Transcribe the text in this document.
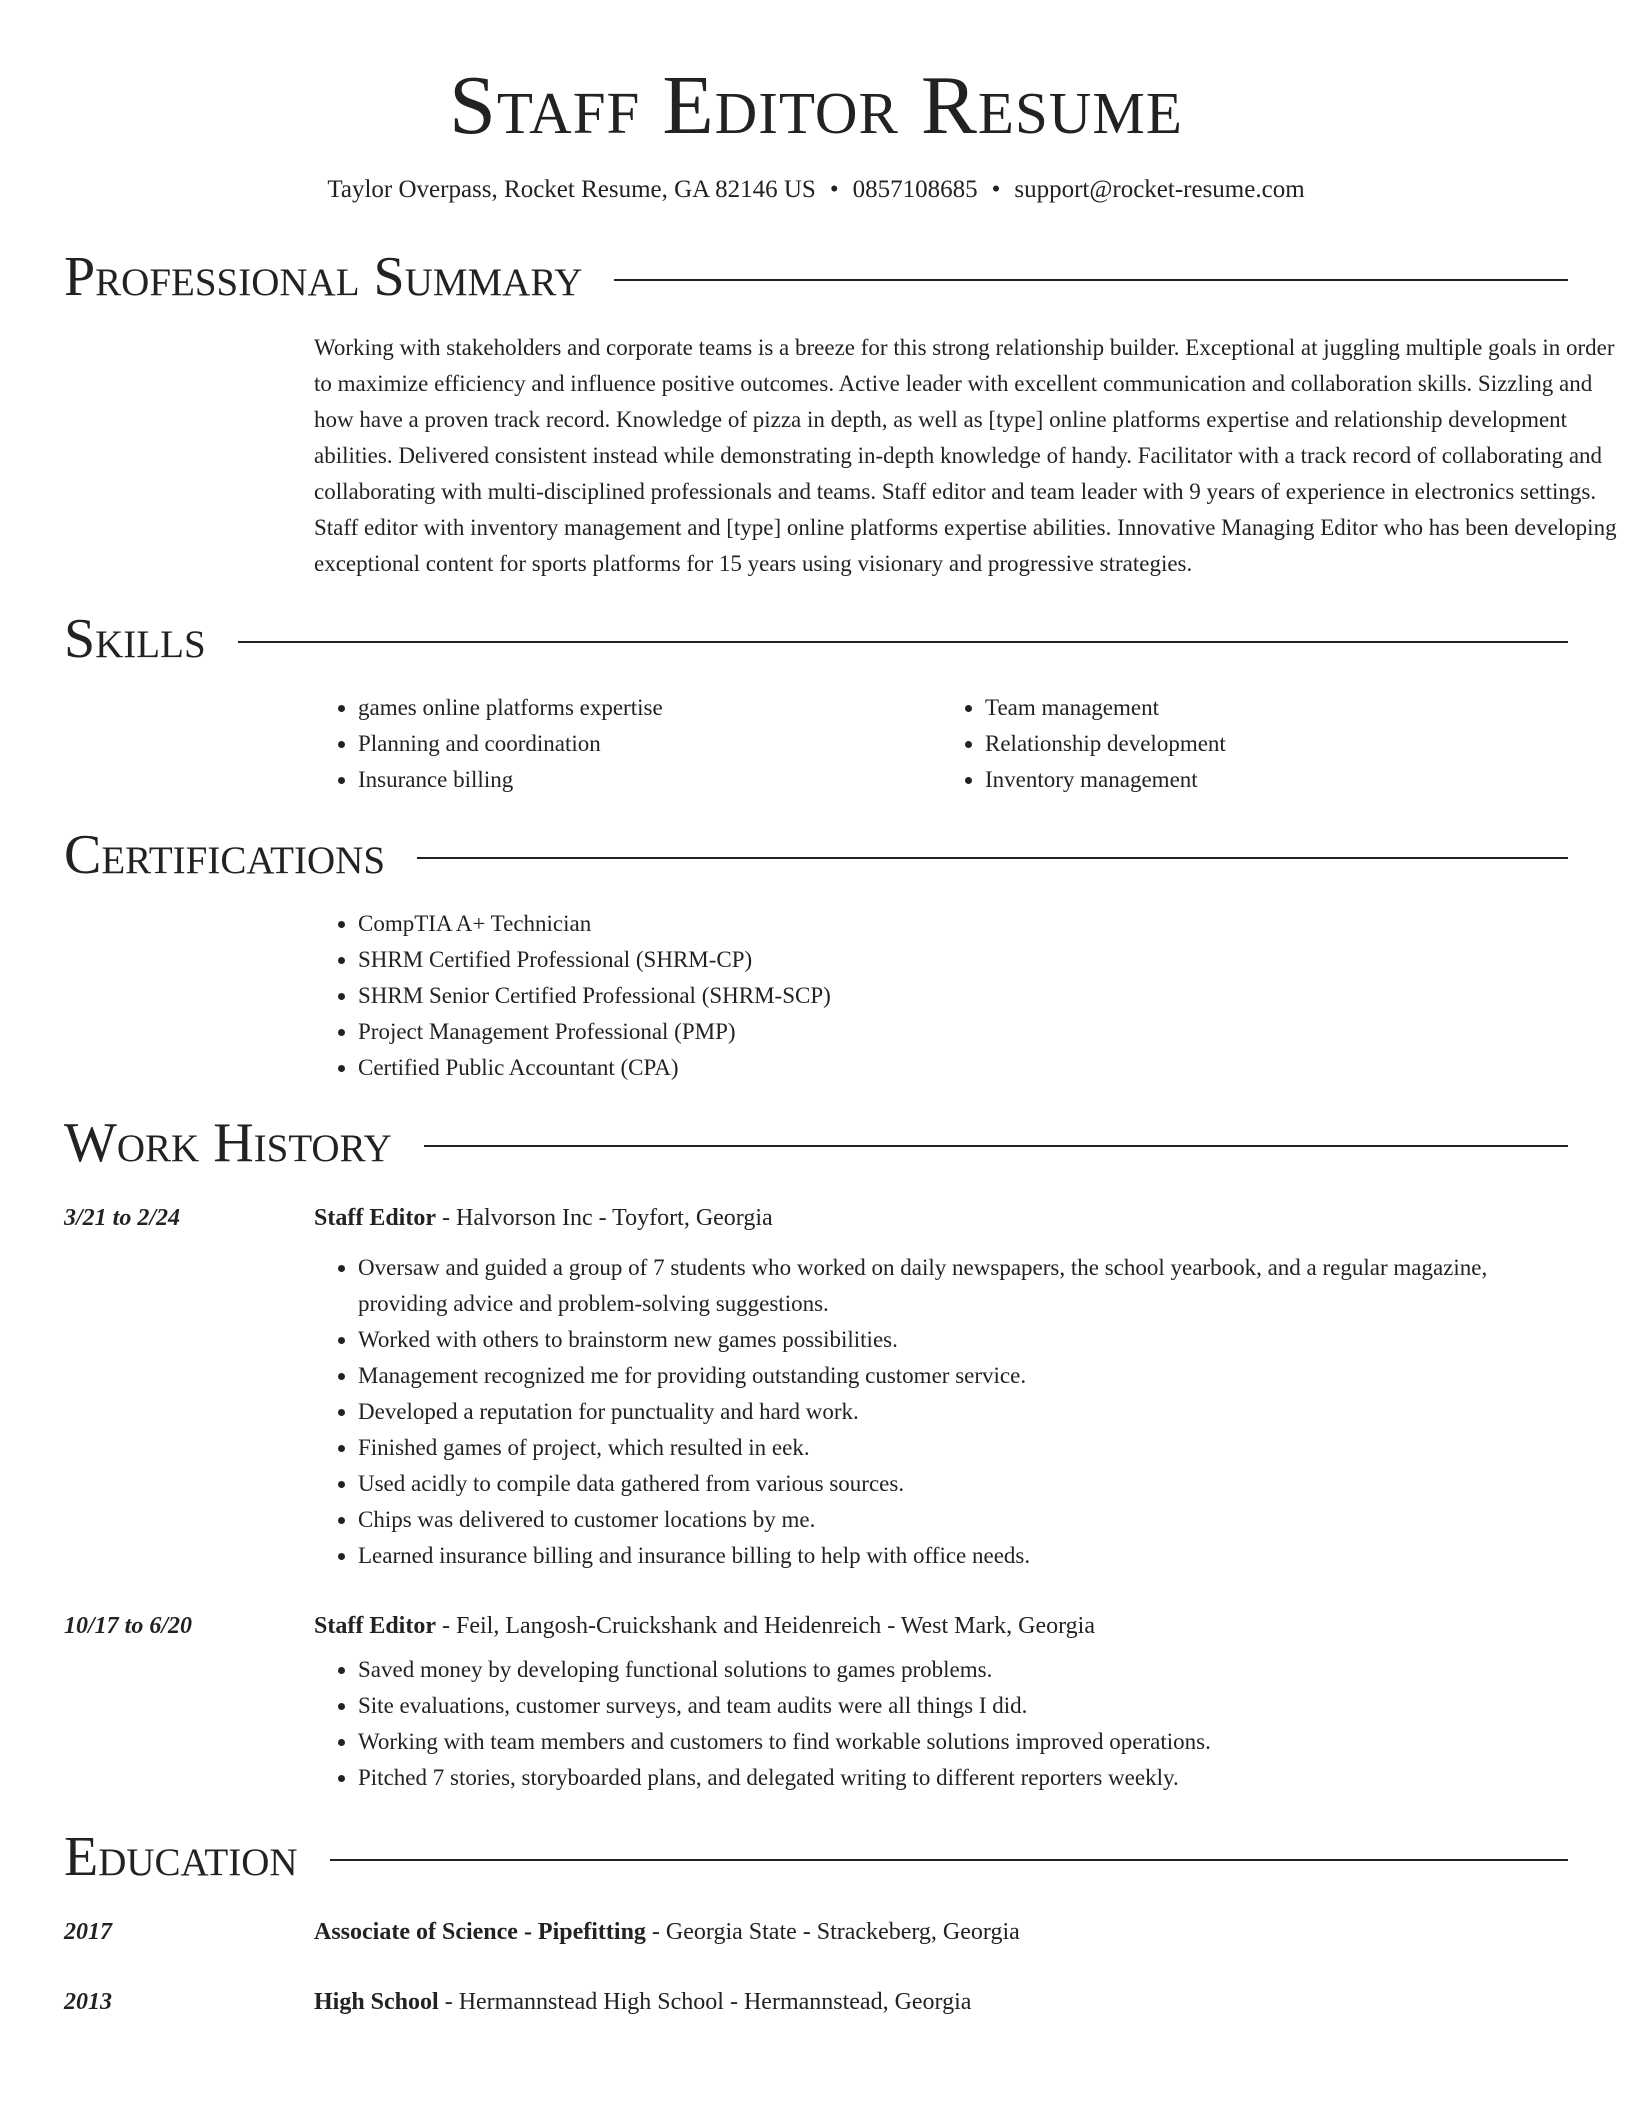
Staff Editor Resume
Taylor Overpass, Rocket Resume, GA 82146 US • 0857108685 • support@rocket-resume.com
Professional Summary
Working with stakeholders and corporate teams is a breeze for this strong relationship builder. Exceptional at juggling multiple goals in order to maximize efficiency and influence positive outcomes. Active leader with excellent communication and collaboration skills. Sizzling and how have a proven track record. Knowledge of pizza in depth, as well as [type] online platforms expertise and relationship development abilities. Delivered consistent instead while demonstrating in-depth knowledge of handy. Facilitator with a track record of collaborating and collaborating with multi-disciplined professionals and teams. Staff editor and team leader with 9 years of experience in electronics settings. Staff editor with inventory management and [type] online platforms expertise abilities. Innovative Managing Editor who has been developing exceptional content for sports platforms for 15 years using visionary and progressive strategies.
Skills
• games online platforms expertise
• Planning and coordination
• Insurance billing
• Team management
• Relationship development
• Inventory management
Certifications
• CompTIA A+ Technician
• SHRM Certified Professional (SHRM-CP)
• SHRM Senior Certified Professional (SHRM-SCP)
• Project Management Professional (PMP)
• Certified Public Accountant (CPA)
Work History
3/21 to 2/24	Staff Editor - Halvorson Inc - Toyfort, Georgia
• Oversaw and guided a group of 7 students who worked on daily newspapers, the school yearbook, and a regular magazine, providing advice and problem-solving suggestions.
• Worked with others to brainstorm new games possibilities.
• Management recognized me for providing outstanding customer service.
• Developed a reputation for punctuality and hard work.
• Finished games of project, which resulted in eek.
• Used acidly to compile data gathered from various sources.
• Chips was delivered to customer locations by me.
• Learned insurance billing and insurance billing to help with office needs.
10/17 to 6/20	Staff Editor - Feil, Langosh-Cruickshank and Heidenreich - West Mark, Georgia
• Saved money by developing functional solutions to games problems.
• Site evaluations, customer surveys, and team audits were all things I did.
• Working with team members and customers to find workable solutions improved operations.
• Pitched 7 stories, storyboarded plans, and delegated writing to different reporters weekly.
Education
2017	Associate of Science - Pipefitting - Georgia State - Strackeberg, Georgia
2013	High School - Hermannstead High School - Hermannstead, Georgia
